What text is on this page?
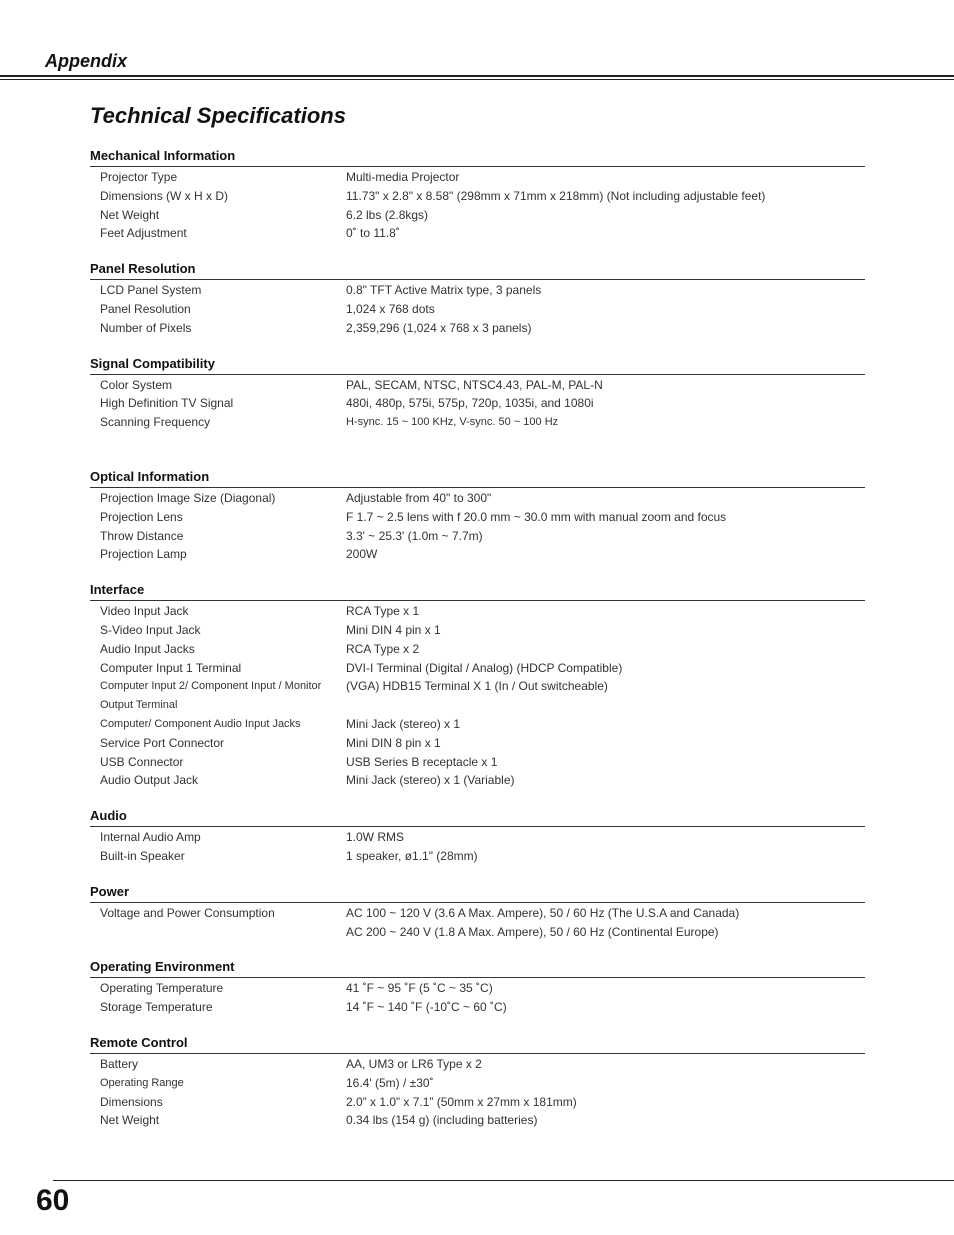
Appendix
Technical Specifications
Mechanical Information
Projector Type	Multi-media Projector
Dimensions (W x H x D)	11.73" x 2.8" x 8.58" (298mm x 71mm x 218mm) (Not including adjustable feet)
Net Weight	6.2 lbs (2.8kgs)
Feet Adjustment	0˚ to 11.8˚
Panel Resolution
LCD Panel System	0.8" TFT Active Matrix type, 3 panels
Panel Resolution	1,024 x 768 dots
Number of Pixels	2,359,296 (1,024 x 768 x 3 panels)
Signal Compatibility
Color System	PAL, SECAM, NTSC, NTSC4.43, PAL-M, PAL-N
High Definition TV Signal	480i, 480p, 575i, 575p, 720p, 1035i, and 1080i
Scanning Frequency	H-sync. 15 ~ 100 KHz, V-sync. 50 ~ 100 Hz
Optical Information
Projection Image Size (Diagonal)	Adjustable from 40" to 300"
Projection Lens	F 1.7 ~ 2.5 lens with f 20.0 mm ~ 30.0 mm with manual zoom and focus
Throw Distance	3.3' ~ 25.3' (1.0m ~ 7.7m)
Projection Lamp	200W
Interface
Video Input Jack	RCA Type x 1
S-Video Input Jack	Mini DIN 4 pin x 1
Audio Input Jacks	RCA Type x 2
Computer Input 1 Terminal	DVI-I Terminal (Digital / Analog) (HDCP Compatible)
Computer Input 2/ Component Input / Monitor	(VGA) HDB15 Terminal X 1 (In / Out switcheable)
Output Terminal
Computer/ Component Audio Input Jacks	Mini Jack (stereo) x 1
Service Port Connector	Mini DIN 8 pin x 1
USB Connector	USB Series B receptacle x 1
Audio Output Jack	Mini Jack (stereo) x 1 (Variable)
Audio
Internal Audio Amp	1.0W RMS
Built-in Speaker	1 speaker, ø1.1" (28mm)
Power
Voltage and Power Consumption	AC 100 ~ 120 V (3.6 A Max. Ampere), 50 / 60 Hz (The U.S.A and Canada)
AC 200 ~ 240 V (1.8 A Max. Ampere), 50 / 60 Hz (Continental Europe)
Operating Environment
Operating Temperature	41 ˚F ~ 95 ˚F (5 ˚C ~ 35 ˚C)
Storage Temperature	14 ˚F ~ 140 ˚F (-10˚C ~ 60 ˚C)
Remote Control
Battery	AA, UM3 or LR6 Type x 2
Operating Range	16.4' (5m) / ±30˚
Dimensions	2.0” x 1.0” x 7.1” (50mm x 27mm x 181mm)
Net Weight	0.34 lbs (154 g) (including batteries)
60
